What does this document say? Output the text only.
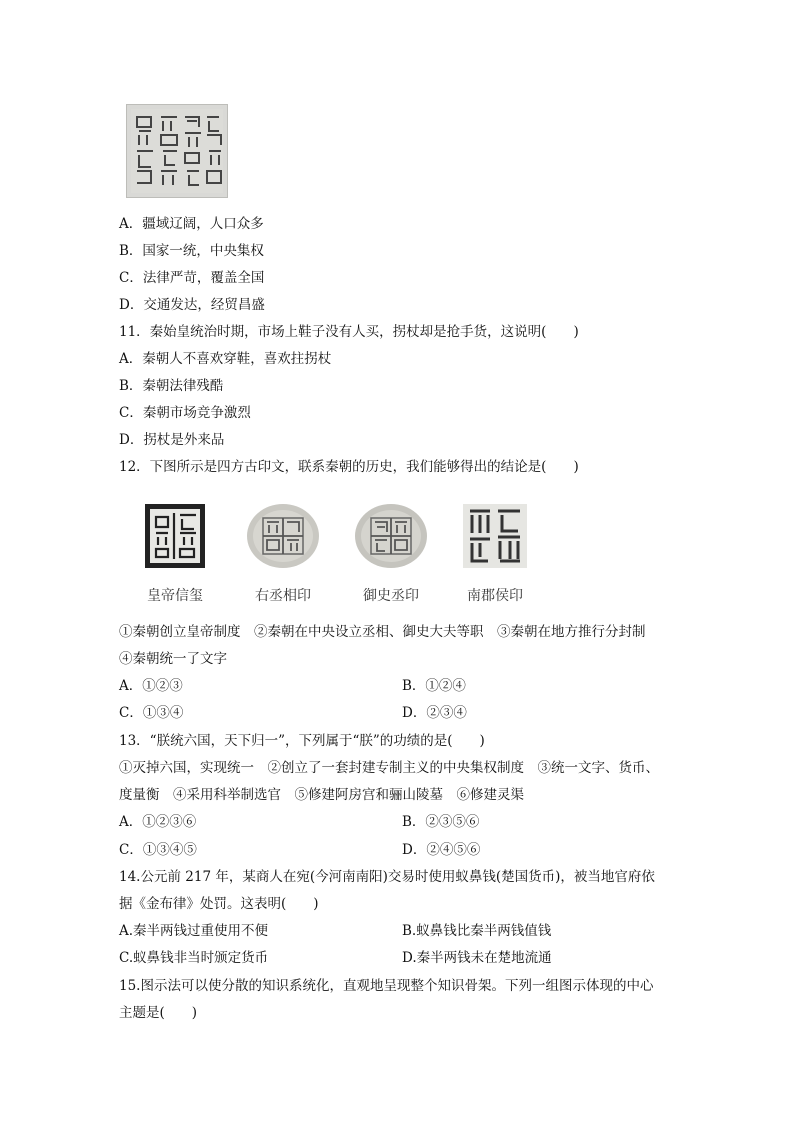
A．疆域辽阔，人口众多
B．国家一统，中央集权
C．法律严苛，覆盖全国
D．交通发达，经贸昌盛
11．秦始皇统治时期，市场上鞋子没有人买，拐杖却是抢手货，这说明(　　)
A．秦朝人不喜欢穿鞋，喜欢拄拐杖
B．秦朝法律残酷
C．秦朝市场竞争激烈
D．拐杖是外来品
12．下图所示是四方古印文，联系秦朝的历史，我们能够得出的结论是(　　)
皇帝信玺	右丞相印	御史丞印	南郡侯印
①秦朝创立皇帝制度　②秦朝在中央设立丞相、御史大夫等职　③秦朝在地方推行分封制
④秦朝统一了文字
A．①②③	B．①②④
C．①③④	D．②③④
13．“朕统六国，天下归一”，下列属于“朕”的功绩的是(　　)
①灭掉六国，实现统一　②创立了一套封建专制主义的中央集权制度　③统一文字、货币、
度量衡　④采用科举制选官　⑤修建阿房宫和骊山陵墓　⑥修建灵渠
A．①②③⑥	B．②③⑤⑥
C．①③④⑤	D．②④⑤⑥
14.公元前 217 年，某商人在宛(今河南南阳)交易时使用蚁鼻钱(楚国货币)，被当地官府依
据《金布律》处罚。这表明(　　)
A.秦半两钱过重使用不便	B.蚁鼻钱比秦半两钱值钱
C.蚁鼻钱非当时颁定货币	D.秦半两钱未在楚地流通
15.图示法可以使分散的知识系统化，直观地呈现整个知识骨架。下列一组图示体现的中心
主题是(　　)
